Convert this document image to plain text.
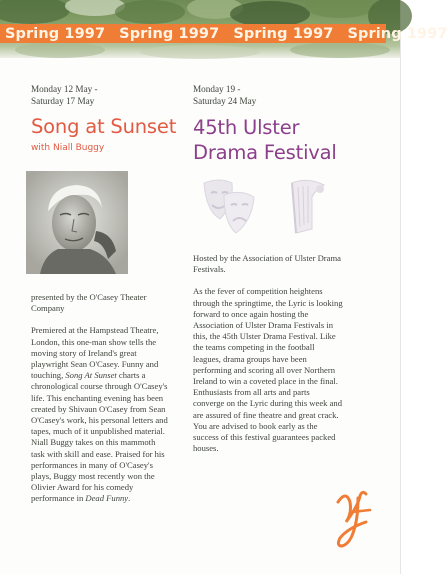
Spring 1997 Spring 1997 Spring 1997 Spring 1997
Monday 12 May -
Saturday 17 May
Song at Sunset
with Niall Buggy

presented by the O'Casey Theater Company

Premiered at the Hampstead Theatre, London, this one-man show tells the moving story of Ireland's great playwright Sean O'Casey. Funny and touching, Song At Sunset charts a chronological course through O'Casey's life. This enchanting evening has been created by Shivaun O'Casey from Sean O'Casey's work, his personal letters and tapes, much of it unpublished material. Niall Buggy takes on this mammoth task with skill and ease. Praised for his performances in many of O'Casey's plays, Buggy most recently won the Olivier Award for his comedy performance in Dead Funny.

Monday 19 -
Saturday 24 May
45th Ulster
Drama Festival

Hosted by the Association of Ulster Drama Festivals.

As the fever of competition heightens through the springtime, the Lyric is looking forward to once again hosting the Association of Ulster Drama Festivals in this, the 45th Ulster Drama Festival. Like the teams competing in the football leagues, drama groups have been performing and scoring all over Northern Ireland to win a coveted place in the final. Enthusiasts from all arts and parts converge on the Lyric during this week and are assured of fine theatre and great crack. You are advised to book early as the success of this festival guarantees packed houses.
